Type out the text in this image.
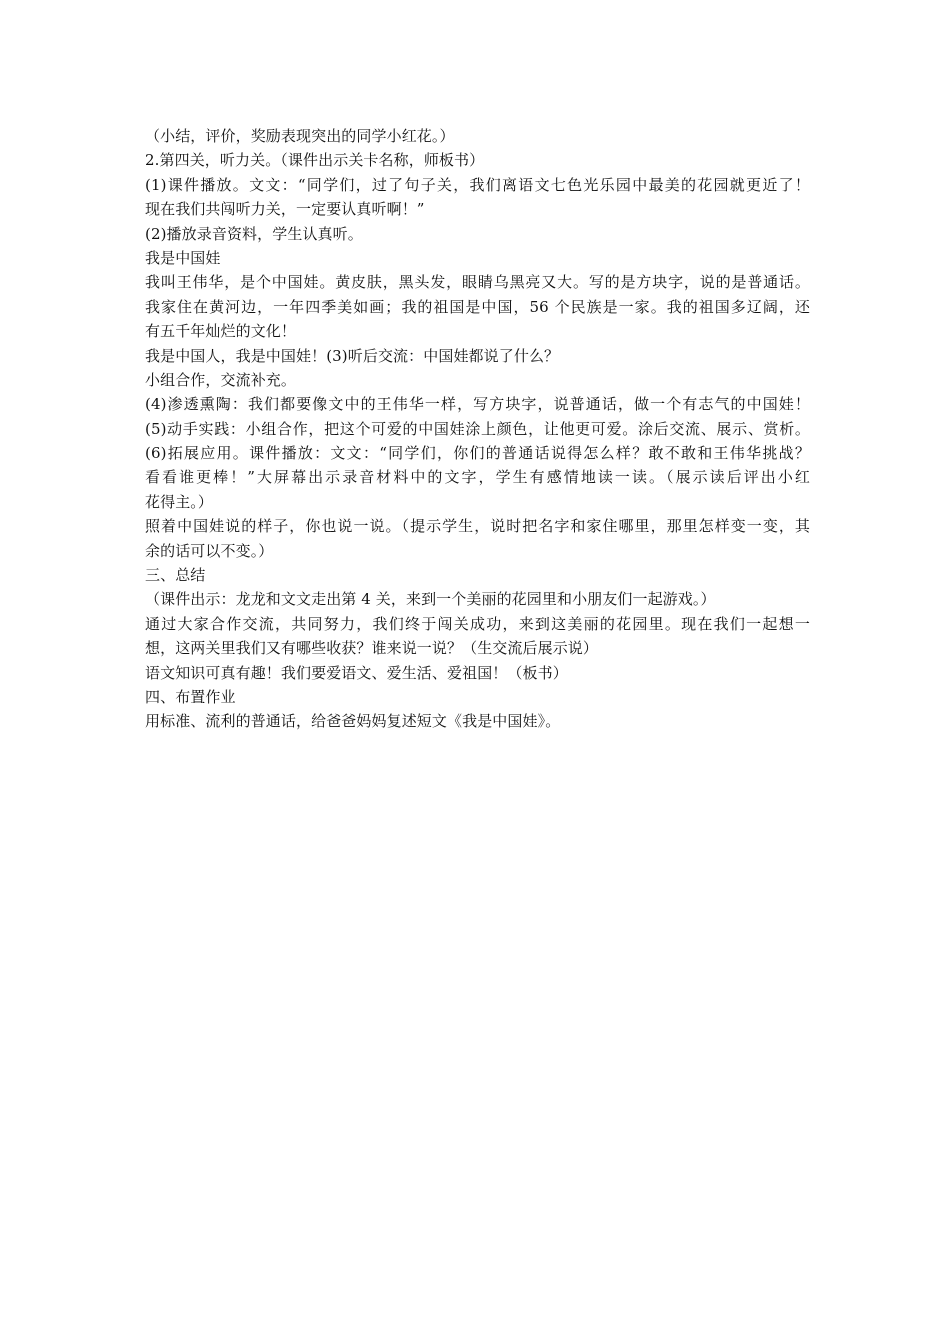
（小结，评价，奖励表现突出的同学小红花。）
2.第四关，听力关。（课件出示关卡名称，师板书）
(1)课件播放。文文：“同学们，过了句子关，我们离语文七色光乐园中最美的花园就更近了！
现在我们共闯听力关，一定要认真听啊！”
(2)播放录音资料，学生认真听。
我是中国娃
我叫王伟华，是个中国娃。黄皮肤，黑头发，眼睛乌黑亮又大。写的是方块字，说的是普通话。
我家住在黄河边，一年四季美如画；我的祖国是中国，56 个民族是一家。我的祖国多辽阔，还
有五千年灿烂的文化！
我是中国人，我是中国娃！(3)听后交流：中国娃都说了什么？
小组合作，交流补充。
(4)渗透熏陶：我们都要像文中的王伟华一样，写方块字，说普通话，做一个有志气的中国娃！
(5)动手实践：小组合作，把这个可爱的中国娃涂上颜色，让他更可爱。涂后交流、展示、赏析。
(6)拓展应用。课件播放：文文：“同学们，你们的普通话说得怎么样？敢不敢和王伟华挑战？
看看谁更棒！”大屏幕出示录音材料中的文字，学生有感情地读一读。（展示读后评出小红
花得主。）
照着中国娃说的样子，你也说一说。（提示学生，说时把名字和家住哪里，那里怎样变一变，其
余的话可以不变。）
三、总结
（课件出示：龙龙和文文走出第 4 关，来到一个美丽的花园里和小朋友们一起游戏。）
通过大家合作交流，共同努力，我们终于闯关成功，来到这美丽的花园里。现在我们一起想一
想，这两关里我们又有哪些收获？谁来说一说？（生交流后展示说）
语文知识可真有趣！我们要爱语文、爱生活、爱祖国！（板书）
四、布置作业
用标准、流利的普通话，给爸爸妈妈复述短文《我是中国娃》。
